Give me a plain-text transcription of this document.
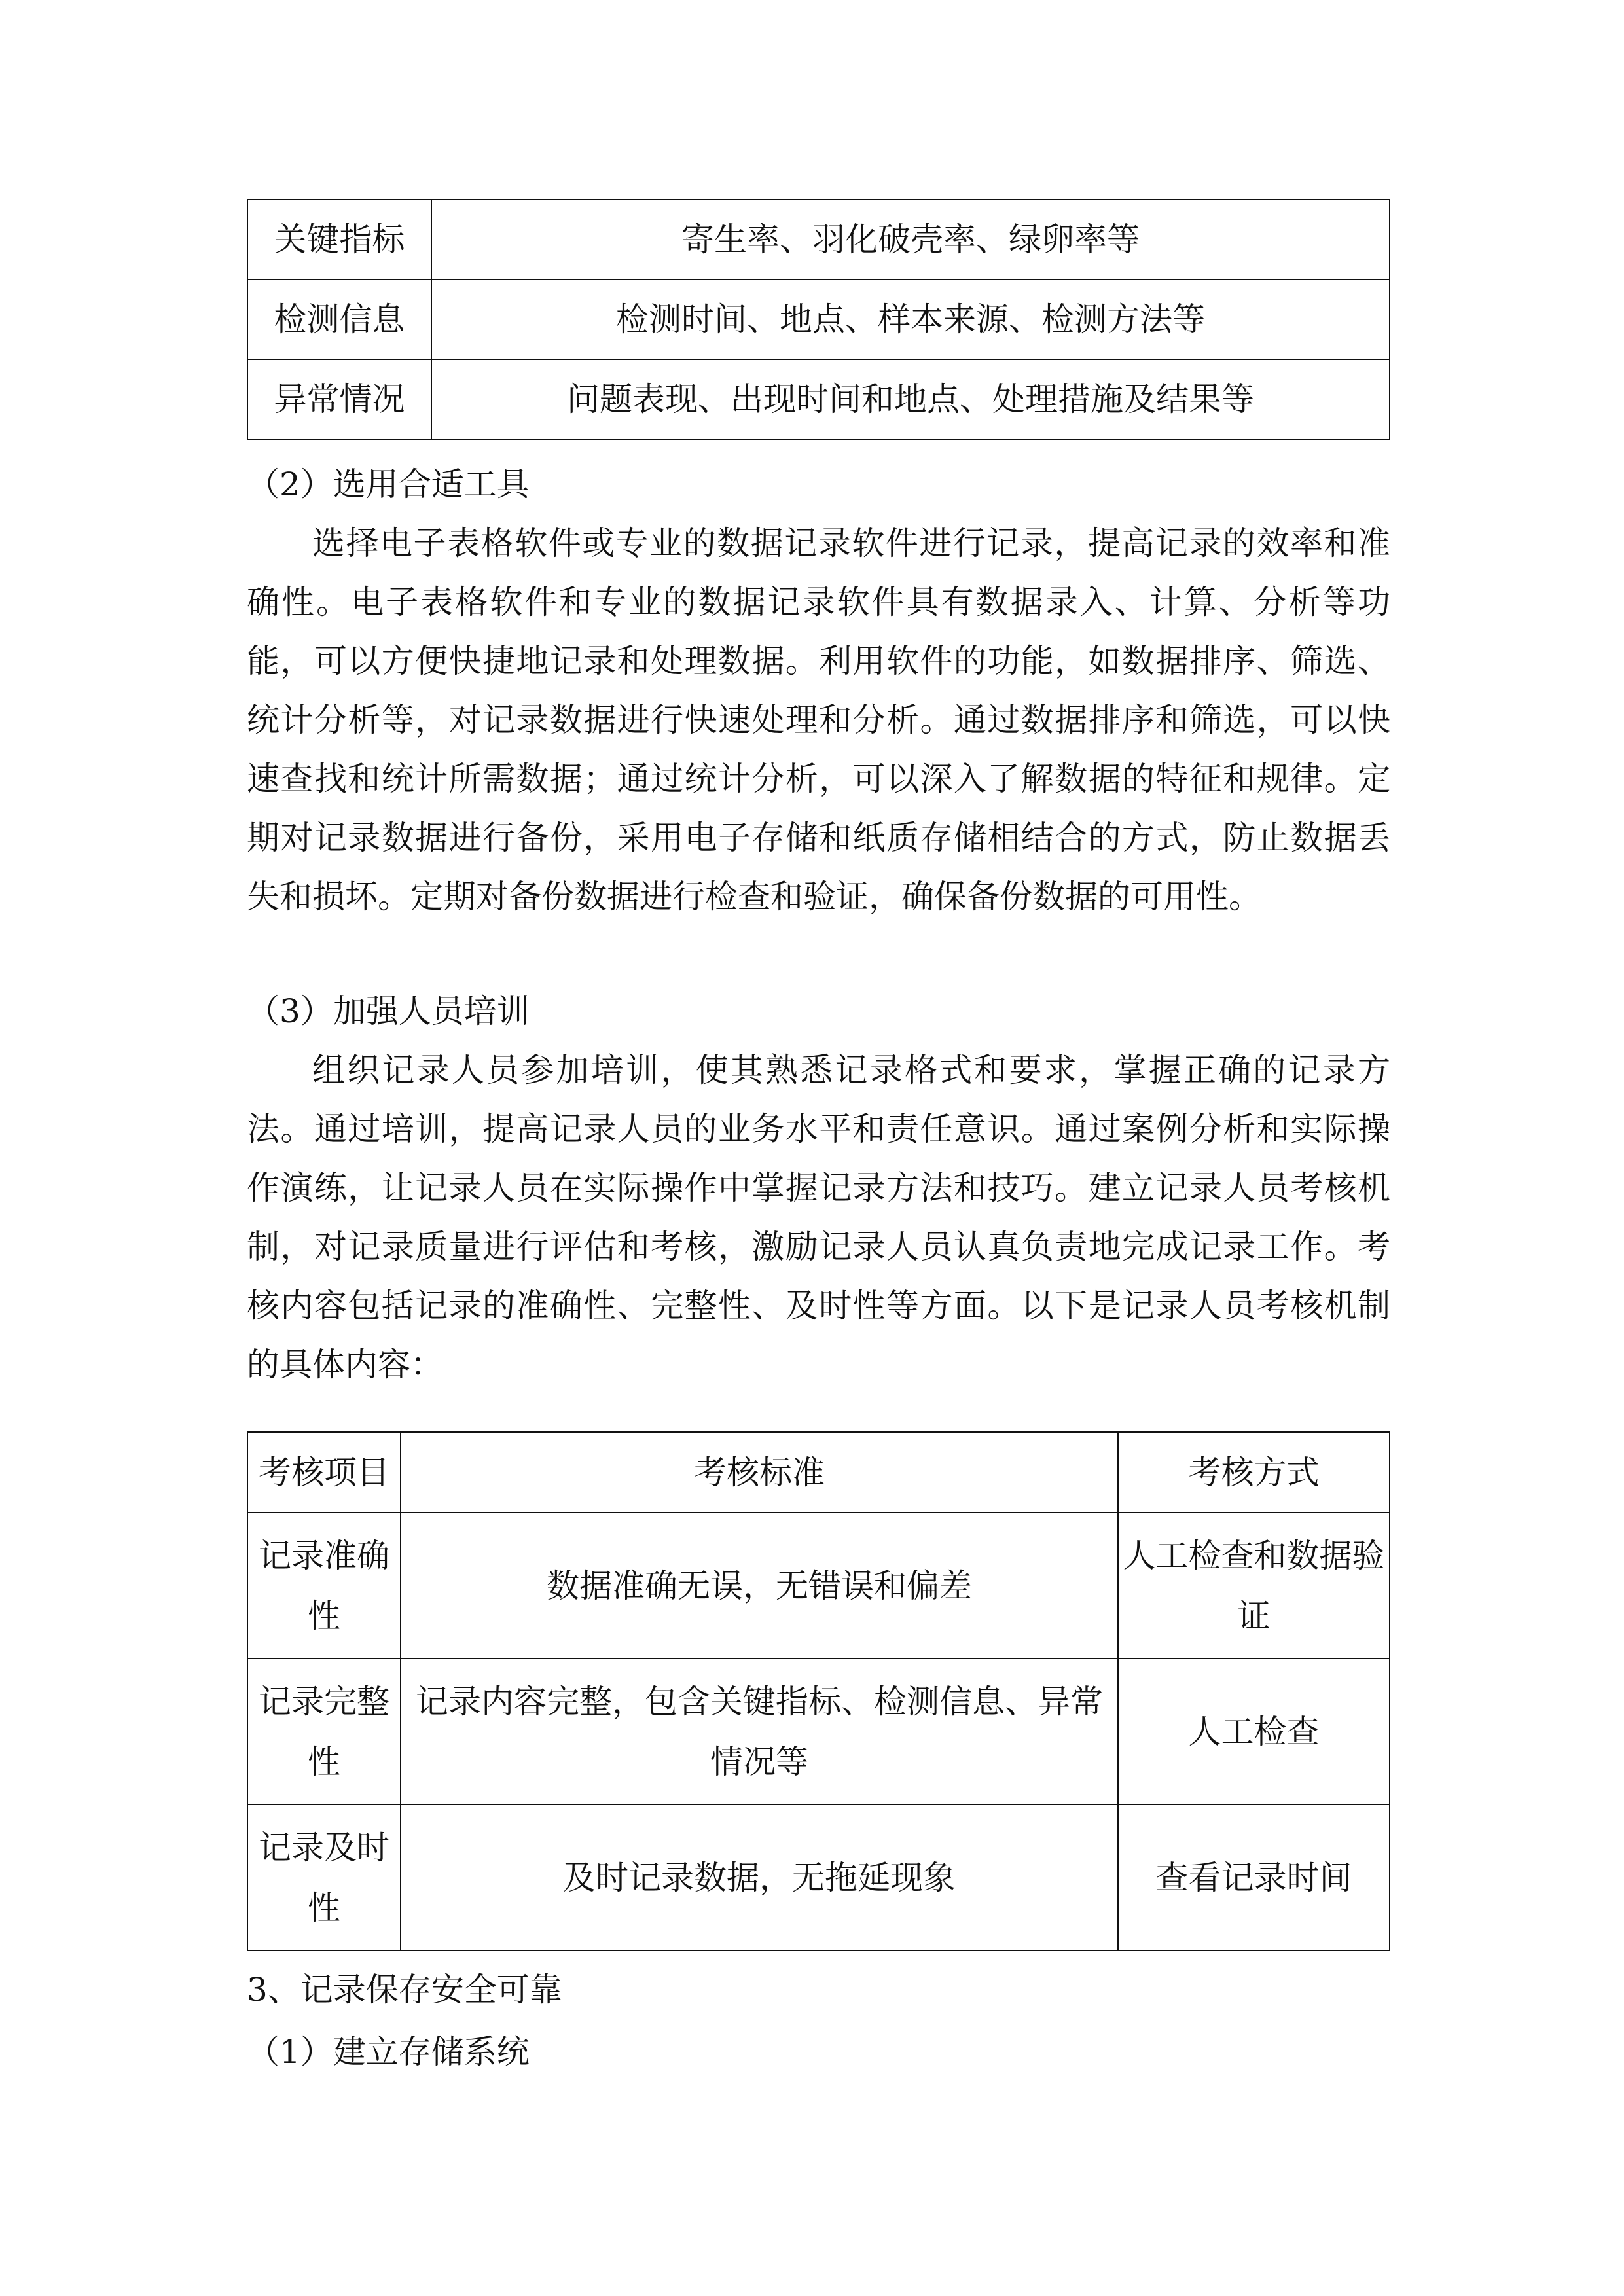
关键指标	寄生率、羽化破壳率、绿卵率等
检测信息	检测时间、地点、样本来源、检测方法等
异常情况	问题表现、出现时间和地点、处理措施及结果等
（2）选用合适工具
选择电子表格软件或专业的数据记录软件进行记录，提高记录的效率和准
确性。电子表格软件和专业的数据记录软件具有数据录入、计算、分析等功
能，可以方便快捷地记录和处理数据。利用软件的功能，如数据排序、筛选、
统计分析等，对记录数据进行快速处理和分析。通过数据排序和筛选，可以快
速查找和统计所需数据；通过统计分析，可以深入了解数据的特征和规律。定
期对记录数据进行备份，采用电子存储和纸质存储相结合的方式，防止数据丢
失和损坏。定期对备份数据进行检查和验证，确保备份数据的可用性。
（3）加强人员培训
组织记录人员参加培训，使其熟悉记录格式和要求，掌握正确的记录方
法。通过培训，提高记录人员的业务水平和责任意识。通过案例分析和实际操
作演练，让记录人员在实际操作中掌握记录方法和技巧。建立记录人员考核机
制，对记录质量进行评估和考核，激励记录人员认真负责地完成记录工作。考
核内容包括记录的准确性、完整性、及时性等方面。以下是记录人员考核机制
的具体内容：
考核项目	考核标准	考核方式
记录准确性	数据准确无误，无错误和偏差	人工检查和数据验证
记录完整性	记录内容完整，包含关键指标、检测信息、异常情况等	人工检查
记录及时性	及时记录数据，无拖延现象	查看记录时间
3、记录保存安全可靠
（1）建立存储系统
